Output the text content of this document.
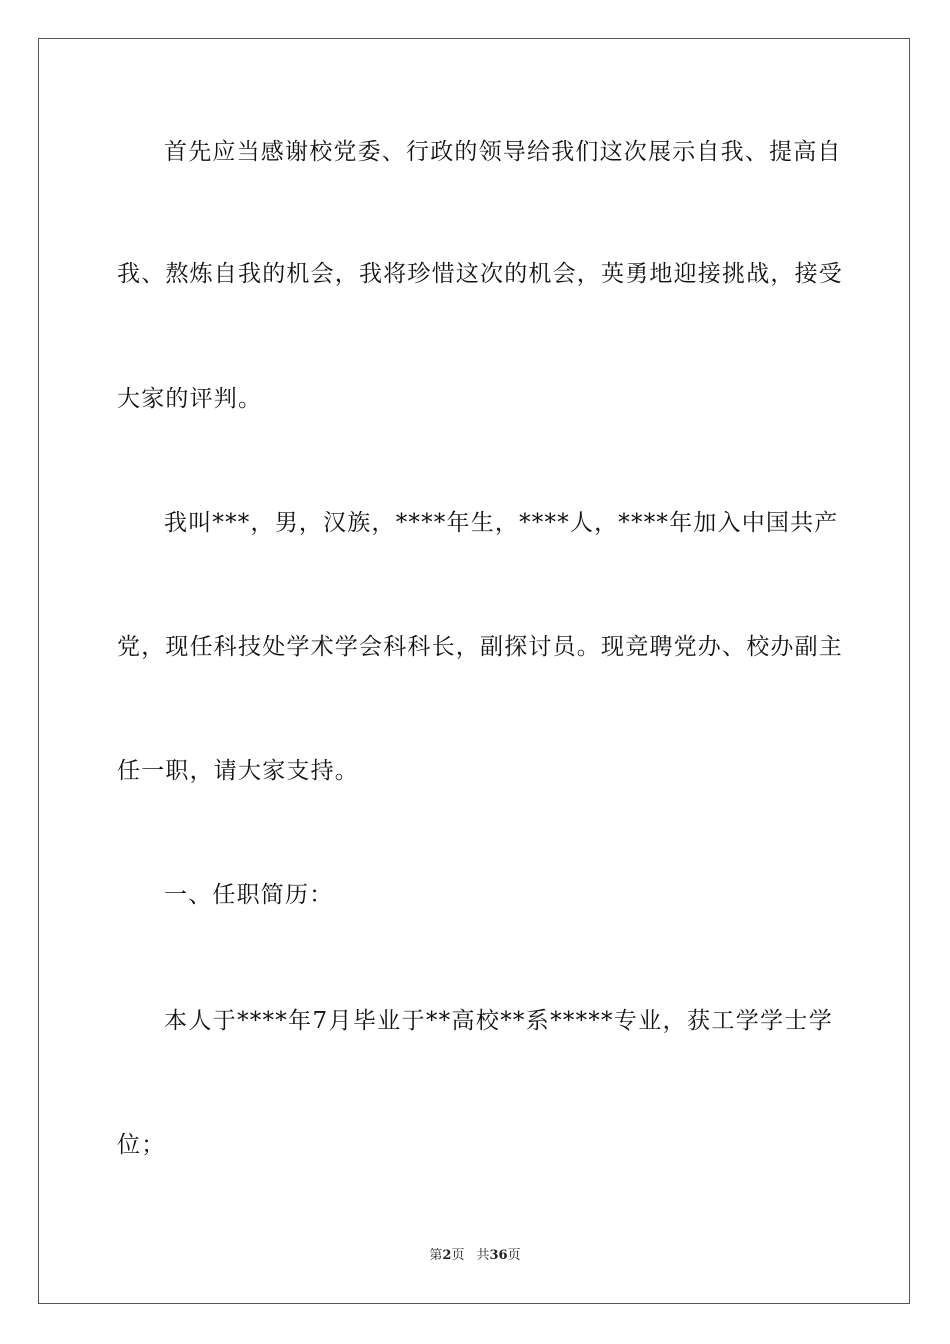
首先应当感谢校党委、行政的领导给我们这次展示自我、提高自
我、熬炼自我的机会，我将珍惜这次的机会，英勇地迎接挑战，接受
大家的评判。
我叫***，男，汉族，****年生，****人，****年加入中国共产
党，现任科技处学术学会科科长，副探讨员。现竞聘党办、校办副主
任一职，请大家支持。
一、任职简历：
本人于****年7月毕业于**高校**系*****专业，获工学学士学
位；
第2页 共36页
